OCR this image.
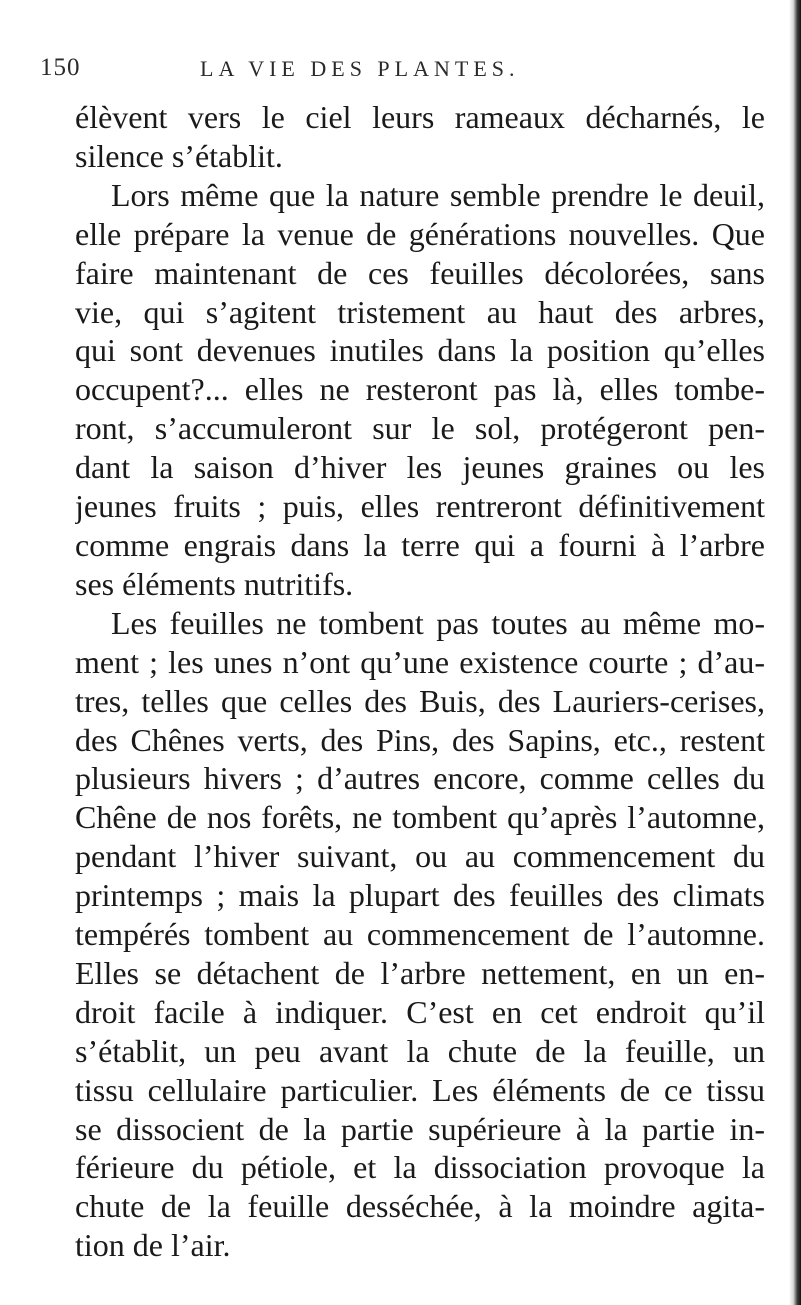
150	LA VIE DES PLANTES.
élèvent vers le ciel leurs rameaux décharnés, le
silence s’établit.
Lors même que la nature semble prendre le deuil,
elle prépare la venue de générations nouvelles. Que
faire maintenant de ces feuilles décolorées, sans
vie, qui s’agitent tristement au haut des arbres,
qui sont devenues inutiles dans la position qu’elles
occupent?... elles ne resteront pas là, elles tombe-
ront, s’accumuleront sur le sol, protégeront pen-
dant la saison d’hiver les jeunes graines ou les
jeunes fruits ; puis, elles rentreront définitivement
comme engrais dans la terre qui a fourni à l’arbre
ses éléments nutritifs.
Les feuilles ne tombent pas toutes au même mo-
ment ; les unes n’ont qu’une existence courte ; d’au-
tres, telles que celles des Buis, des Lauriers-cerises,
des Chênes verts, des Pins, des Sapins, etc., restent
plusieurs hivers ; d’autres encore, comme celles du
Chêne de nos forêts, ne tombent qu’après l’automne,
pendant l’hiver suivant, ou au commencement du
printemps ; mais la plupart des feuilles des climats
tempérés tombent au commencement de l’automne.
Elles se détachent de l’arbre nettement, en un en-
droit facile à indiquer. C’est en cet endroit qu’il
s’établit, un peu avant la chute de la feuille, un
tissu cellulaire particulier. Les éléments de ce tissu
se dissocient de la partie supérieure à la partie in-
férieure du pétiole, et la dissociation provoque la
chute de la feuille desséchée, à la moindre agita-
tion de l’air.
